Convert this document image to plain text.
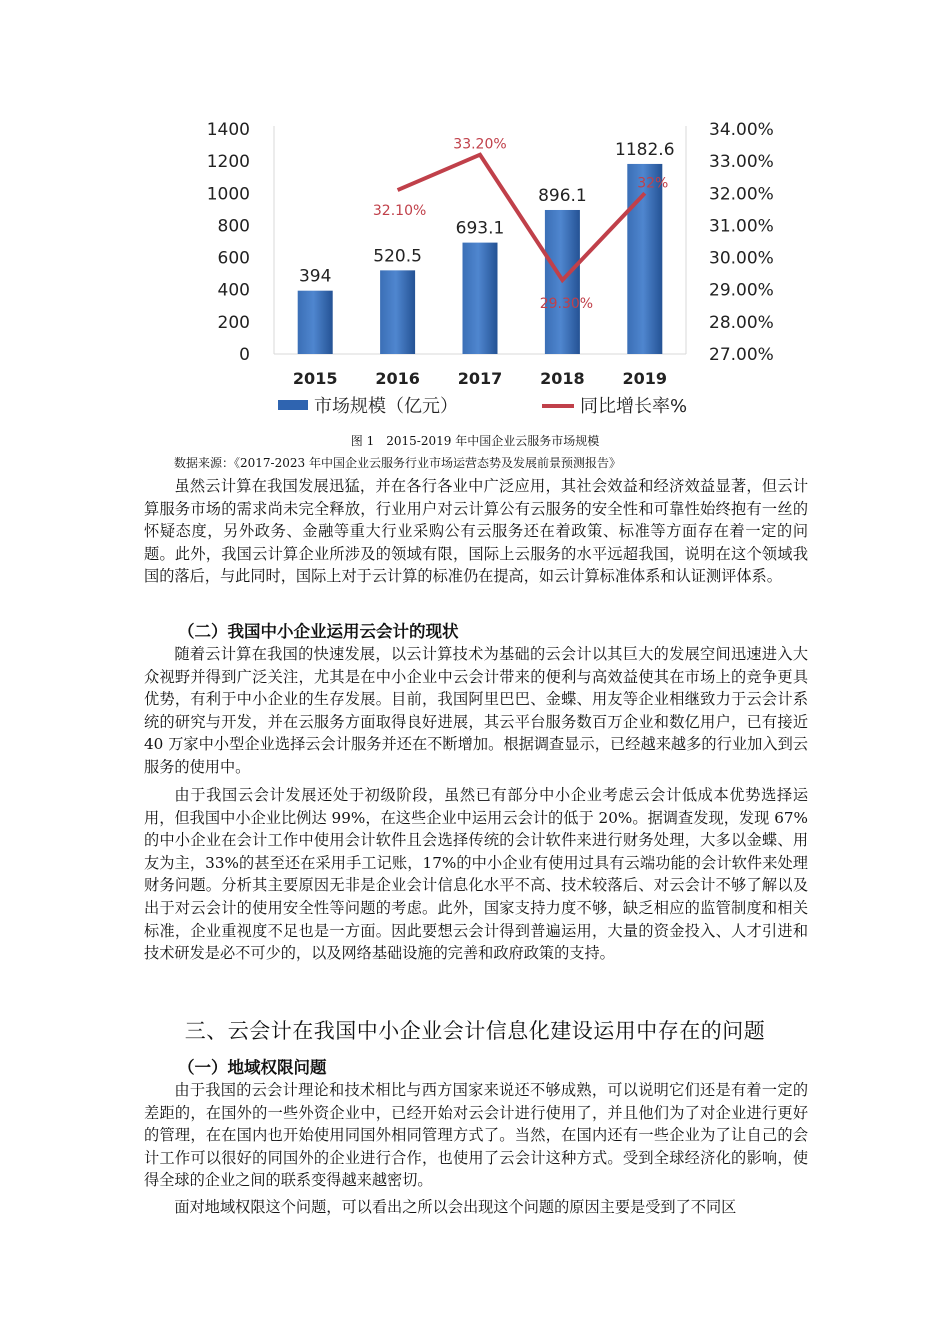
0
200
400
600
800
1000
1200
1400
27.00%
28.00%
29.00%
30.00%
31.00%
32.00%
33.00%
34.00%
394
520.5
693.1
896.1
1182.6
2015 2016 2017 2018 2019
32.10%
33.20%
29.30%
32%
市场规模（亿元）	同比增长率%
图 1　2015-2019 年中国企业云服务市场规模
数据来源：《2017-2023 年中国企业云服务行业市场运营态势及发展前景预测报告》

虽然云计算在我国发展迅猛，并在各行各业中广泛应用，其社会效益和经济效益显著，但云计算服务市场的需求尚未完全释放，行业用户对云计算公有云服务的安全性和可靠性始终抱有一丝的怀疑态度，另外政务、金融等重大行业采购公有云服务还在着政策、标准等方面存在着一定的问题。此外，我国云计算企业所涉及的领域有限，国际上云服务的水平远超我国，说明在这个领域我国的落后，与此同时，国际上对于云计算的标准仍在提高，如云计算标准体系和认证测评体系。

（二）我国中小企业运用云会计的现状

随着云计算在我国的快速发展，以云计算技术为基础的云会计以其巨大的发展空间迅速进入大众视野并得到广泛关注，尤其是在中小企业中云会计带来的便利与高效益使其在市场上的竞争更具优势，有利于中小企业的生存发展。目前，我国阿里巴巴、金蝶、用友等企业相继致力于云会计系统的研究与开发，并在云服务方面取得良好进展，其云平台服务数百万企业和数亿用户，已有接近 40 万家中小型企业选择云会计服务并还在不断增加。根据调查显示，已经越来越多的行业加入到云服务的使用中。

由于我国云会计发展还处于初级阶段，虽然已有部分中小企业考虑云会计低成本优势选择运用，但我国中小企业比例达 99%，在这些企业中运用云会计的低于 20%。据调查发现，发现 67%的中小企业在会计工作中使用会计软件且会选择传统的会计软件来进行财务处理，大多以金蝶、用友为主，33%的甚至还在采用手工记账，17%的中小企业有使用过具有云端功能的会计软件来处理财务问题。分析其主要原因无非是企业会计信息化水平不高、技术较落后、对云会计不够了解以及出于对云会计的使用安全性等问题的考虑。此外，国家支持力度不够，缺乏相应的监管制度和相关标准，企业重视度不足也是一方面。因此要想云会计得到普遍运用，大量的资金投入、人才引进和技术研发是必不可少的，以及网络基础设施的完善和政府政策的支持。

三、云会计在我国中小企业会计信息化建设运用中存在的问题
（一）地域权限问题

由于我国的云会计理论和技术相比与西方国家来说还不够成熟，可以说明它们还是有着一定的差距的，在国外的一些外资企业中，已经开始对云会计进行使用了，并且他们为了对企业进行更好的管理，在在国内也开始使用同国外相同管理方式了。当然，在国内还有一些企业为了让自己的会计工作可以很好的同国外的企业进行合作，也使用了云会计这种方式。受到全球经济化的影响，使得全球的企业之间的联系变得越来越密切。

面对地域权限这个问题，可以看出之所以会出现这个问题的原因主要是受到了不同区
